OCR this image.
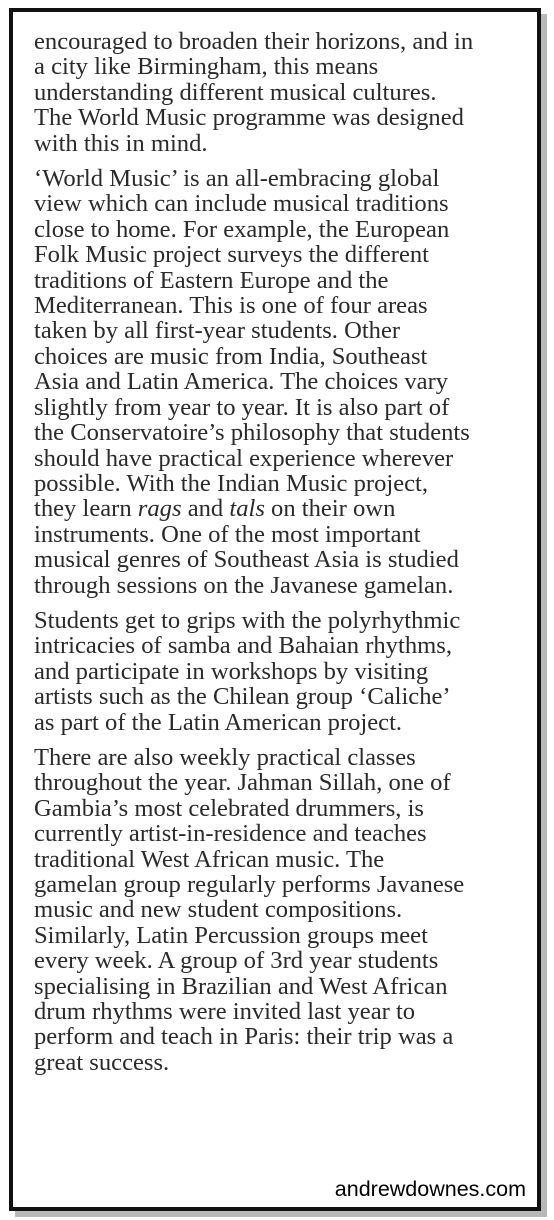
encouraged to broaden their horizons, and in
a city like Birmingham, this means
understanding different musical cultures.
The World Music programme was designed
with this in mind.
‘World Music’ is an all-embracing global
view which can include musical traditions
close to home. For example, the European
Folk Music project surveys the different
traditions of Eastern Europe and the
Mediterranean. This is one of four areas
taken by all first-year students. Other
choices are music from India, Southeast
Asia and Latin America. The choices vary
slightly from year to year. It is also part of
the Conservatoire’s philosophy that students
should have practical experience wherever
possible. With the Indian Music project,
they learn rags and tals on their own
instruments. One of the most important
musical genres of Southeast Asia is studied
through sessions on the Javanese gamelan.
Students get to grips with the polyrhythmic
intricacies of samba and Bahaian rhythms,
and participate in workshops by visiting
artists such as the Chilean group ‘Caliche’
as part of the Latin American project.
There are also weekly practical classes
throughout the year. Jahman Sillah, one of
Gambia’s most celebrated drummers, is
currently artist-in-residence and teaches
traditional West African music. The
gamelan group regularly performs Javanese
music and new student compositions.
Similarly, Latin Percussion groups meet
every week. A group of 3rd year students
specialising in Brazilian and West African
drum rhythms were invited last year to
perform and teach in Paris: their trip was a
great success.
andrewdownes.com
